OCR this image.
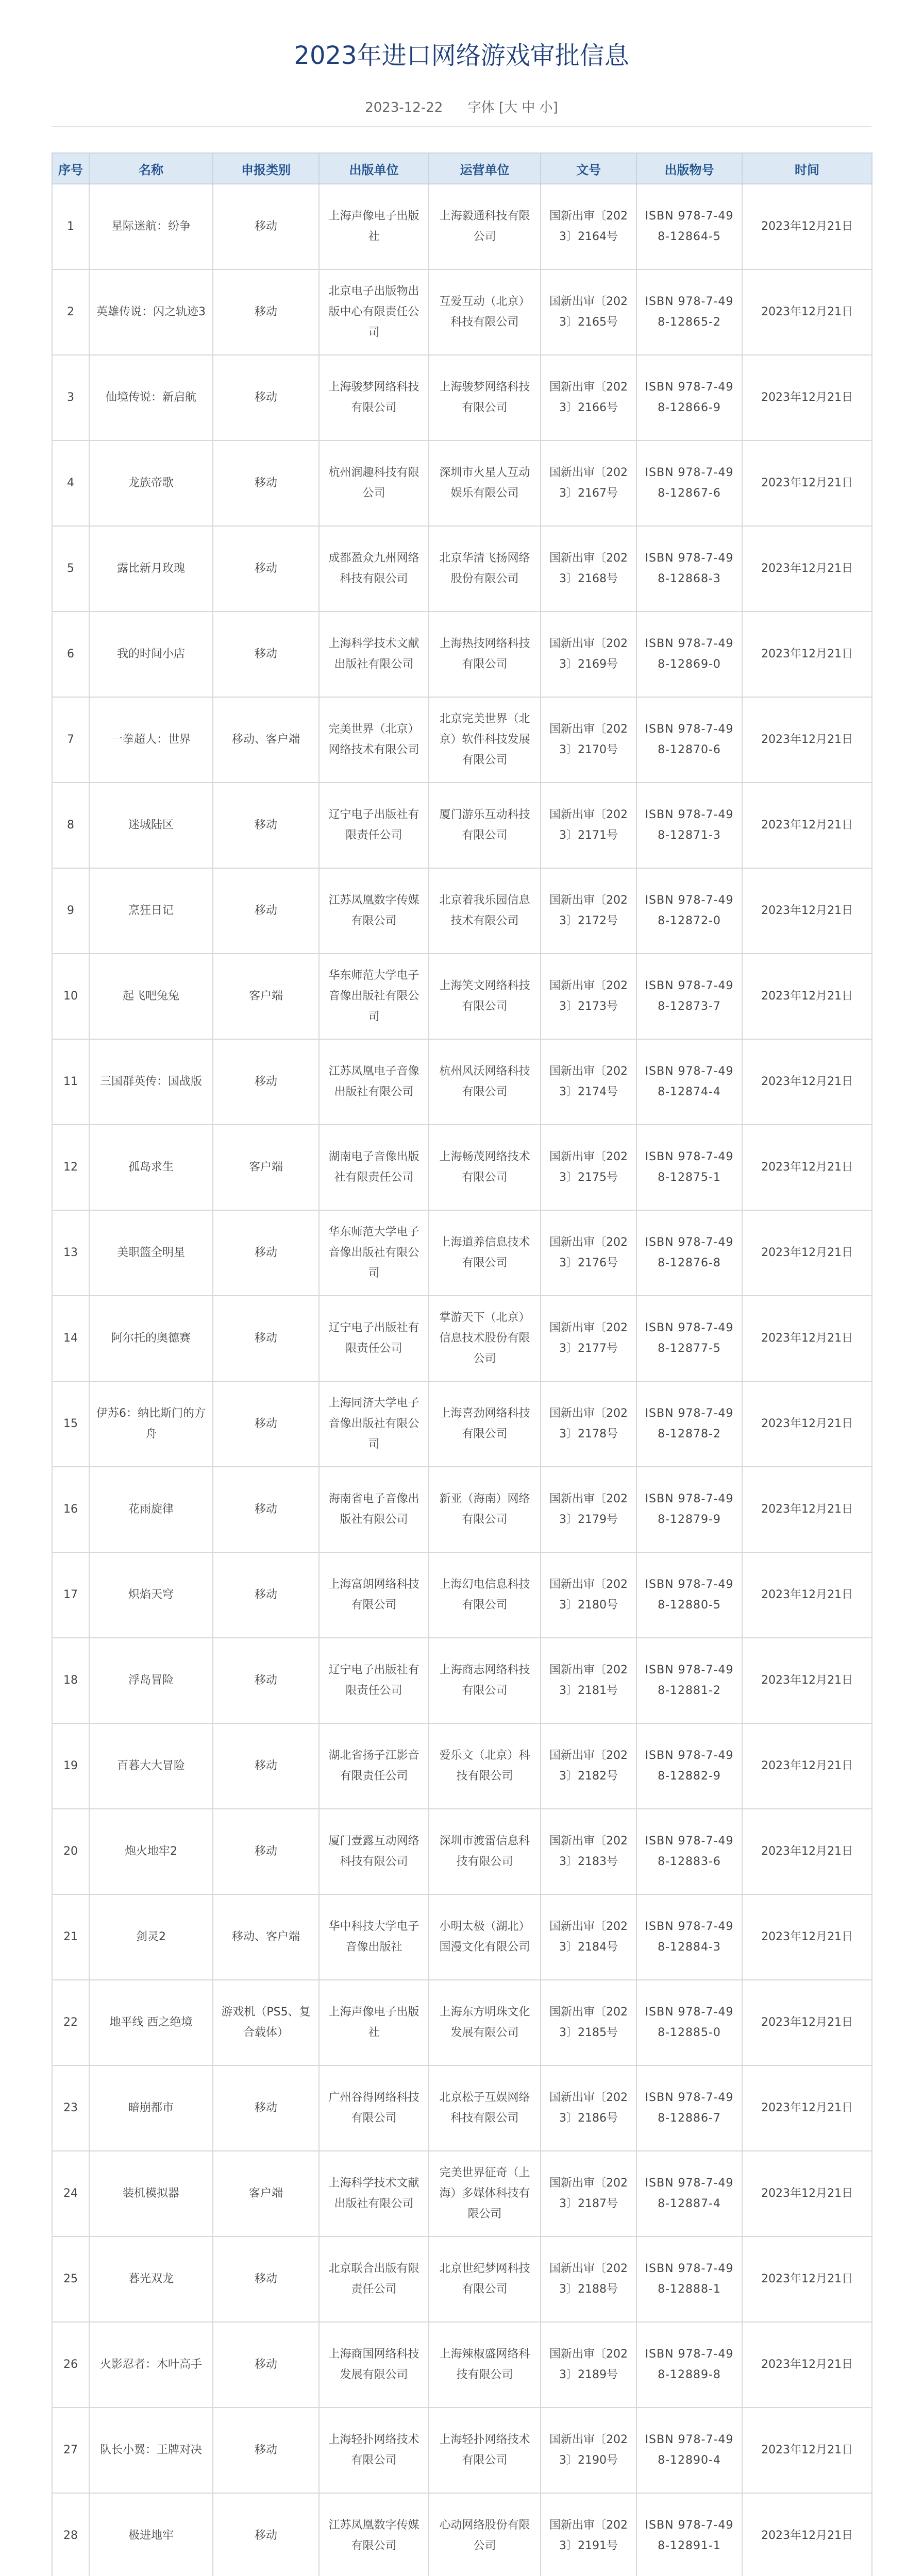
2023年进口网络游戏审批信息
2023-12-22 字体 [大 中 小]
序号	名称	申报类别	出版单位	运营单位	文号	出版物号	时间
1	星际迷航：纷争	移动	上海声像电子出版社	上海毅通科技有限公司	国新出审〔2023〕2164号	ISBN 978-7-498-12864-5	2023年12月21日
2	英雄传说：闪之轨迹3	移动	北京电子出版物出版中心有限责任公司	互爱互动（北京）科技有限公司	国新出审〔2023〕2165号	ISBN 978-7-498-12865-2	2023年12月21日
3	仙境传说：新启航	移动	上海骏梦网络科技有限公司	上海骏梦网络科技有限公司	国新出审〔2023〕2166号	ISBN 978-7-498-12866-9	2023年12月21日
4	龙族帝歌	移动	杭州润趣科技有限公司	深圳市火星人互动娱乐有限公司	国新出审〔2023〕2167号	ISBN 978-7-498-12867-6	2023年12月21日
5	露比新月玫瑰	移动	成都盈众九州网络科技有限公司	北京华清飞扬网络股份有限公司	国新出审〔2023〕2168号	ISBN 978-7-498-12868-3	2023年12月21日
6	我的时间小店	移动	上海科学技术文献出版社有限公司	上海热技网络科技有限公司	国新出审〔2023〕2169号	ISBN 978-7-498-12869-0	2023年12月21日
7	一拳超人：世界	移动、客户端	完美世界（北京）网络技术有限公司	北京完美世界（北京）软件科技发展有限公司	国新出审〔2023〕2170号	ISBN 978-7-498-12870-6	2023年12月21日
8	迷城陆区	移动	辽宁电子出版社有限责任公司	厦门游乐互动科技有限公司	国新出审〔2023〕2171号	ISBN 978-7-498-12871-3	2023年12月21日
9	烹狂日记	移动	江苏凤凰数字传媒有限公司	北京着我乐园信息技术有限公司	国新出审〔2023〕2172号	ISBN 978-7-498-12872-0	2023年12月21日
10	起飞吧兔兔	客户端	华东师范大学电子音像出版社有限公司	上海笑文网络科技有限公司	国新出审〔2023〕2173号	ISBN 978-7-498-12873-7	2023年12月21日
11	三国群英传：国战版	移动	江苏凤凰电子音像出版社有限公司	杭州风沃网络科技有限公司	国新出审〔2023〕2174号	ISBN 978-7-498-12874-4	2023年12月21日
12	孤岛求生	客户端	湖南电子音像出版社有限责任公司	上海畅茂网络技术有限公司	国新出审〔2023〕2175号	ISBN 978-7-498-12875-1	2023年12月21日
13	美职篮全明星	移动	华东师范大学电子音像出版社有限公司	上海道养信息技术有限公司	国新出审〔2023〕2176号	ISBN 978-7-498-12876-8	2023年12月21日
14	阿尔托的奥德赛	移动	辽宁电子出版社有限责任公司	掌游天下（北京）信息技术股份有限公司	国新出审〔2023〕2177号	ISBN 978-7-498-12877-5	2023年12月21日
15	伊苏6：纳比斯门的方舟	移动	上海同济大学电子音像出版社有限公司	上海喜劲网络科技有限公司	国新出审〔2023〕2178号	ISBN 978-7-498-12878-2	2023年12月21日
16	花雨旋律	移动	海南省电子音像出版社有限公司	新亚（海南）网络有限公司	国新出审〔2023〕2179号	ISBN 978-7-498-12879-9	2023年12月21日
17	炽焰天穹	移动	上海富朗网络科技有限公司	上海幻电信息科技有限公司	国新出审〔2023〕2180号	ISBN 978-7-498-12880-5	2023年12月21日
18	浮岛冒险	移动	辽宁电子出版社有限责任公司	上海商志网络科技有限公司	国新出审〔2023〕2181号	ISBN 978-7-498-12881-2	2023年12月21日
19	百暮大大冒险	移动	湖北省扬子江影音有限责任公司	爱乐文（北京）科技有限公司	国新出审〔2023〕2182号	ISBN 978-7-498-12882-9	2023年12月21日
20	炮火地牢2	移动	厦门壹露互动网络科技有限公司	深圳市渡雷信息科技有限公司	国新出审〔2023〕2183号	ISBN 978-7-498-12883-6	2023年12月21日
21	剑灵2	移动、客户端	华中科技大学电子音像出版社	小明太极（湖北）国漫文化有限公司	国新出审〔2023〕2184号	ISBN 978-7-498-12884-3	2023年12月21日
22	地平线 西之绝境	游戏机（PS5、复合载体）	上海声像电子出版社	上海东方明珠文化发展有限公司	国新出审〔2023〕2185号	ISBN 978-7-498-12885-0	2023年12月21日
23	暗崩都市	移动	广州谷得网络科技有限公司	北京松子互娱网络科技有限公司	国新出审〔2023〕2186号	ISBN 978-7-498-12886-7	2023年12月21日
24	装机模拟器	客户端	上海科学技术文献出版社有限公司	完美世界征奇（上海）多媒体科技有限公司	国新出审〔2023〕2187号	ISBN 978-7-498-12887-4	2023年12月21日
25	暮光双龙	移动	北京联合出版有限责任公司	北京世纪梦网科技有限公司	国新出审〔2023〕2188号	ISBN 978-7-498-12888-1	2023年12月21日
26	火影忍者：木叶高手	移动	上海商国网络科技发展有限公司	上海辣椒盛网络科技有限公司	国新出审〔2023〕2189号	ISBN 978-7-498-12889-8	2023年12月21日
27	队长小翼：王牌对决	移动	上海轻扑网络技术有限公司	上海轻扑网络技术有限公司	国新出审〔2023〕2190号	ISBN 978-7-498-12890-4	2023年12月21日
28	极进地牢	移动	江苏凤凰数字传媒有限公司	心动网络股份有限公司	国新出审〔2023〕2191号	ISBN 978-7-498-12891-1	2023年12月21日
